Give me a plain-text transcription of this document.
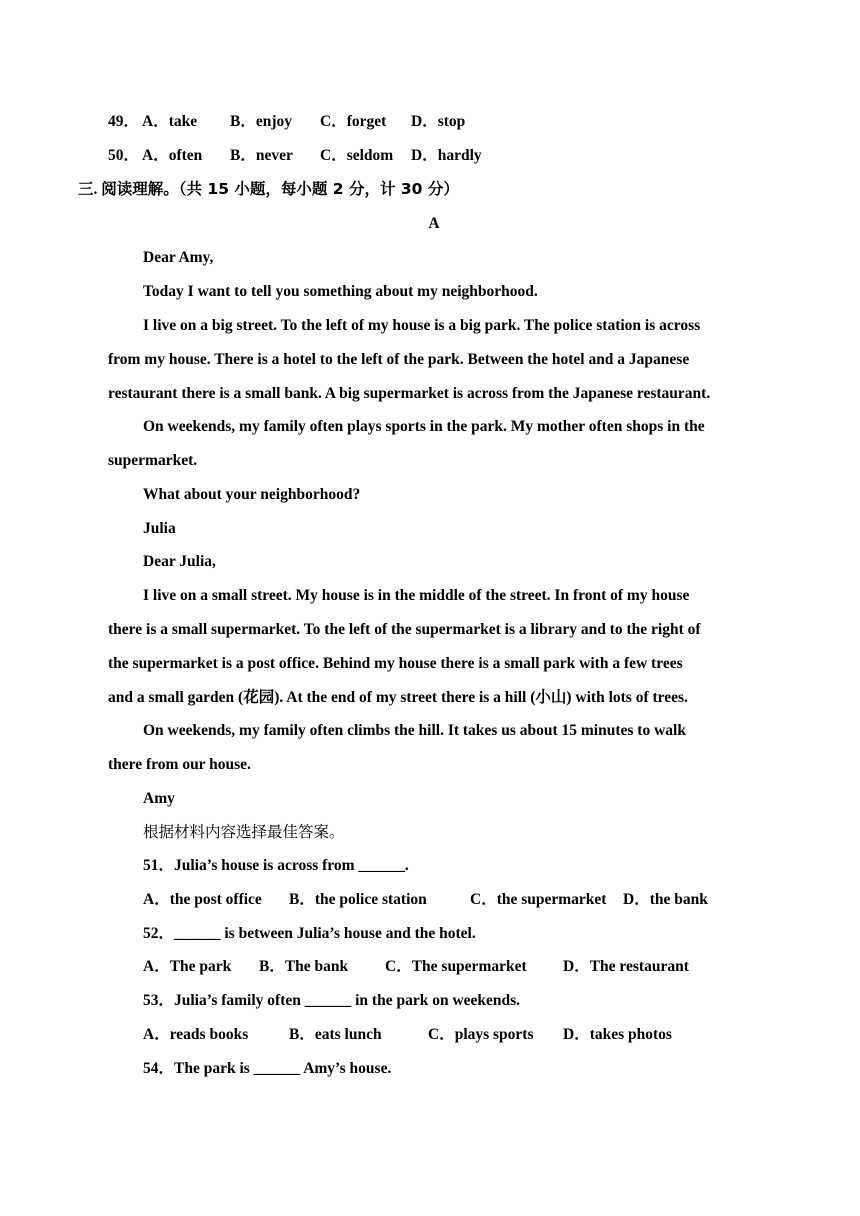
49． A．take B．enjoy C．forget D．stop
50． A．often B．never C．seldom D．hardly
三. 阅读理解。（共 15 小题，每小题 2 分，计 30 分）
A
Dear Amy,
Today I want to tell you something about my neighborhood.
I live on a big street. To the left of my house is a big park. The police station is across
from my house. There is a hotel to the left of the park. Between the hotel and a Japanese
restaurant there is a small bank. A big supermarket is across from the Japanese restaurant.
On weekends, my family often plays sports in the park. My mother often shops in the
supermarket.
What about your neighborhood?
Julia
Dear Julia,
I live on a small street. My house is in the middle of the street. In front of my house
there is a small supermarket. To the left of the supermarket is a library and to the right of
the supermarket is a post office. Behind my house there is a small park with a few trees
and a small garden (花园). At the end of my street there is a hill (小山) with lots of trees.
On weekends, my family often climbs the hill. It takes us about 15 minutes to walk
there from our house.
Amy
根据材料内容选择最佳答案。
51．Julia’s house is across from ______.
A．the post office B．the police station	C．the supermarket D．the bank
52．______ is between Julia’s house and the hotel.
A．The park B．The bank C．The supermarket D．The restaurant
53．Julia’s family often ______ in the park on weekends.
A．reads books	B．eats lunch	C．plays sports D．takes photos
54．The park is ______ Amy’s house.
